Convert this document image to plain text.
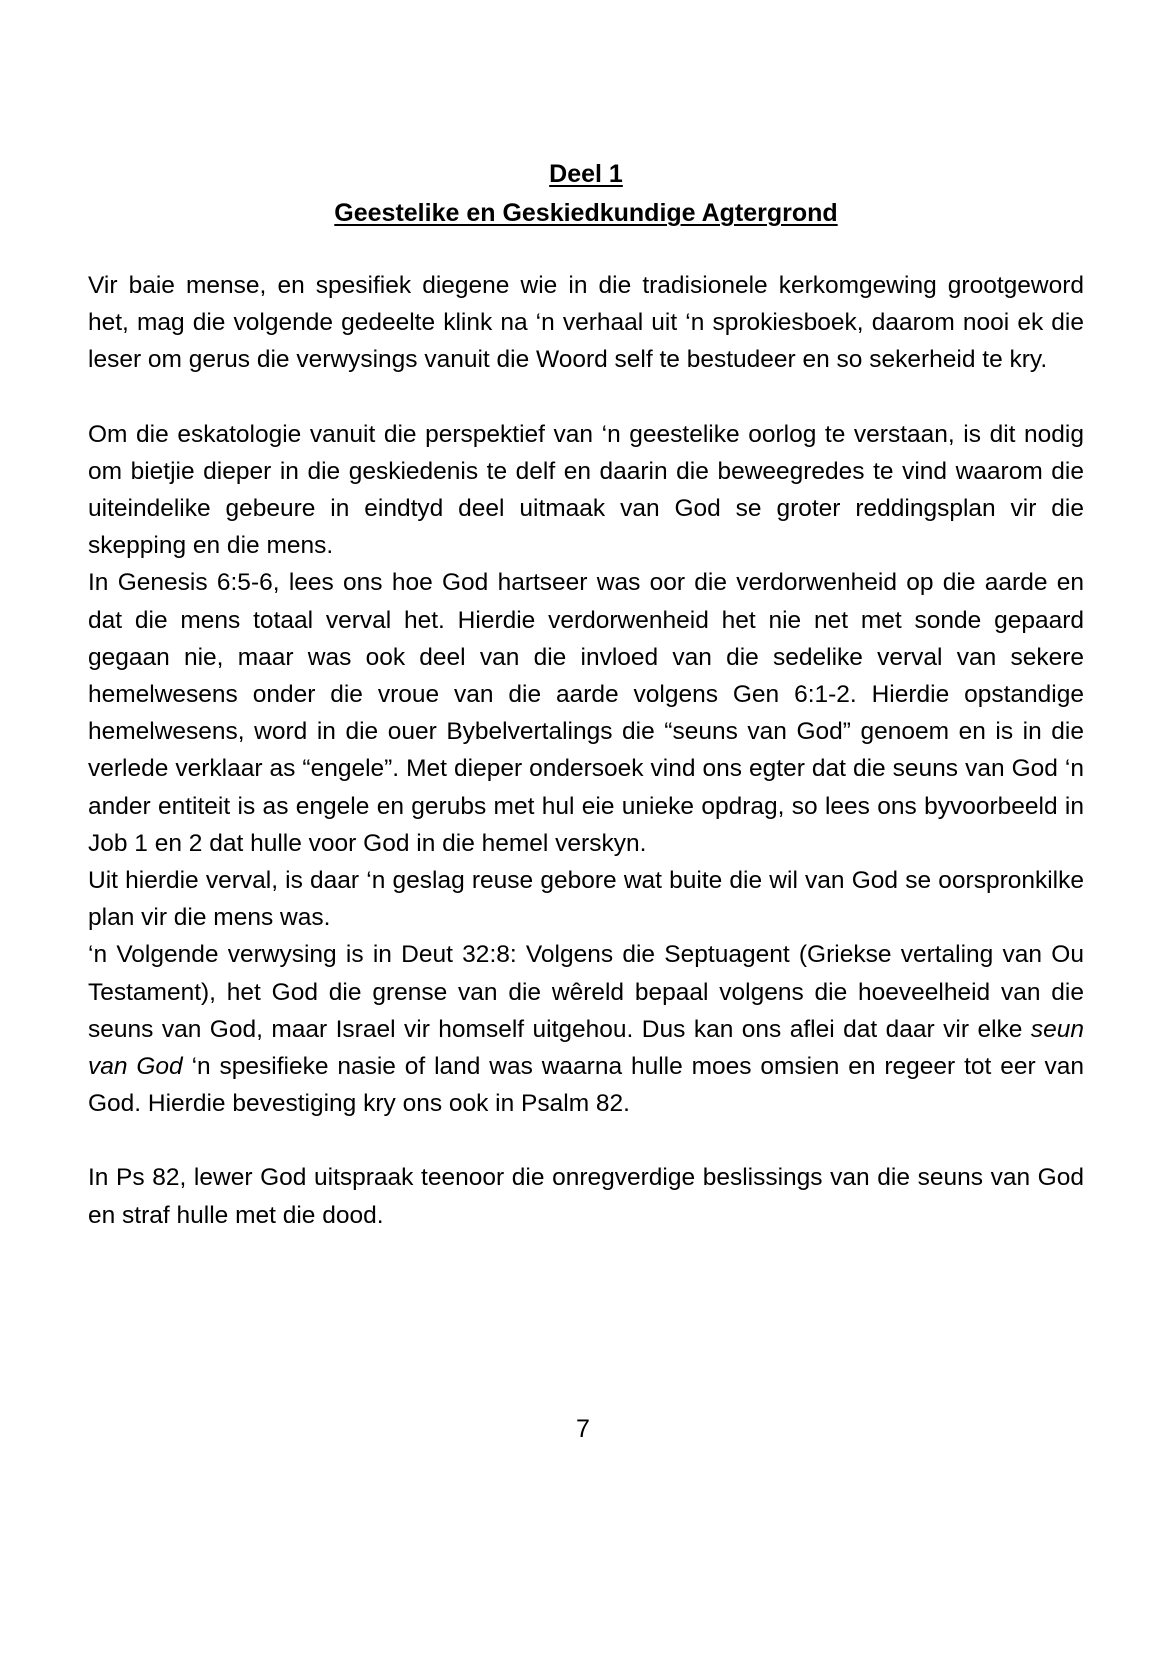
Deel 1
Geestelike en Geskiedkundige Agtergrond

Vir baie mense, en spesifiek diegene wie in die tradisionele kerkomgewing grootgeword het, mag die volgende gedeelte klink na ‘n verhaal uit ‘n sprokiesboek, daarom nooi ek die leser om gerus die verwysings vanuit die Woord self te bestudeer en so sekerheid te kry.

Om die eskatologie vanuit die perspektief van ‘n geestelike oorlog te verstaan, is dit nodig om bietjie dieper in die geskiedenis te delf en daarin die beweegredes te vind waarom die uiteindelike gebeure in eindtyd deel uitmaak van God se groter reddingsplan vir die skepping en die mens.

In Genesis 6:5-6, lees ons hoe God hartseer was oor die verdorwenheid op die aarde en dat die mens totaal verval het. Hierdie verdorwenheid het nie net met sonde gepaard gegaan nie, maar was ook deel van die invloed van die sedelike verval van sekere hemelwesens onder die vroue van die aarde volgens Gen 6:1-2. Hierdie opstandige hemelwesens, word in die ouer Bybelvertalings die “seuns van God” genoem en is in die verlede verklaar as “engele”. Met dieper ondersoek vind ons egter dat die seuns van God ‘n ander entiteit is as engele en gerubs met hul eie unieke opdrag, so lees ons byvoorbeeld in Job 1 en 2 dat hulle voor God in die hemel verskyn.

Uit hierdie verval, is daar ‘n geslag reuse gebore wat buite die wil van God se oorspronkilke plan vir die mens was.

‘n Volgende verwysing is in Deut 32:8: Volgens die Septuagent (Griekse vertaling van Ou Testament), het God die grense van die wêreld bepaal volgens die hoeveelheid van die seuns van God, maar Israel vir homself uitgehou. Dus kan ons aflei dat daar vir elke seun van God ‘n spesifieke nasie of land was waarna hulle moes omsien en regeer tot eer van God. Hierdie bevestiging kry ons ook in Psalm 82.

In Ps 82, lewer God uitspraak teenoor die onregverdige beslissings van die seuns van God en straf hulle met die dood.

7
